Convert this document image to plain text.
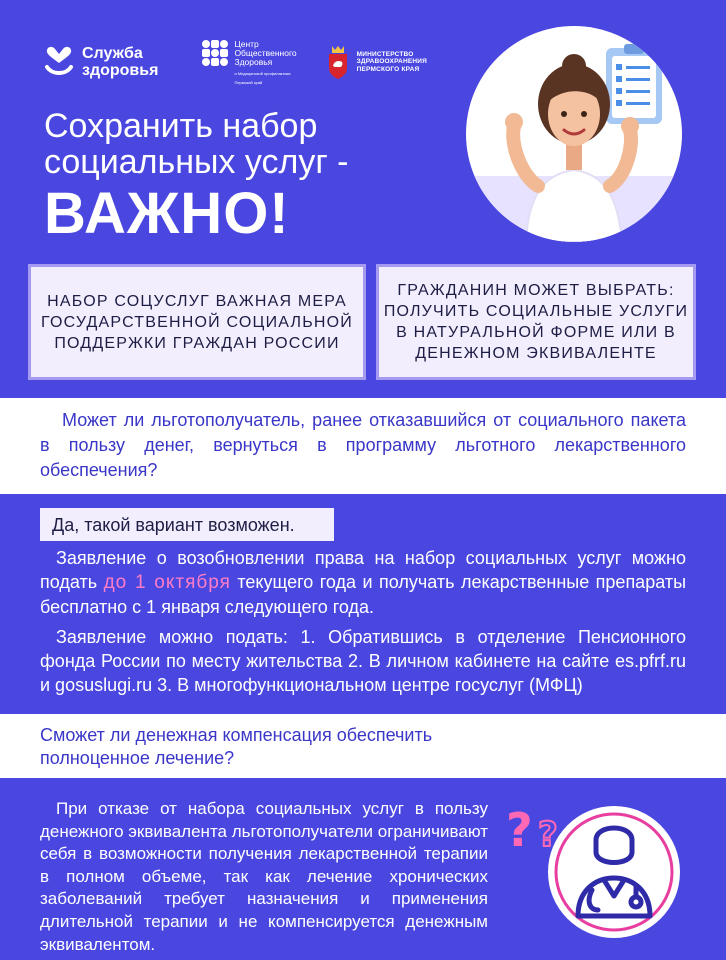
Служба
здоровья
Центр
Общественного
Здоровья
и Медицинской профилактики
Пермский край
МИНИСТЕРСТВО
ЗДРАВООХРАНЕНИЯ
ПЕРМСКОГО КРАЯ
Сохранить набор
социальных услуг -
ВАЖНО!
НАБОР СОЦУСЛУГ ВАЖНАЯ МЕРА ГОСУДАРСТВЕННОЙ СОЦИАЛЬНОЙ ПОДДЕРЖКИ ГРАЖДАН РОССИИ
ГРАЖДАНИН МОЖЕТ ВЫБРАТЬ: ПОЛУЧИТЬ СОЦИАЛЬНЫЕ УСЛУГИ В НАТУРАЛЬНОЙ ФОРМЕ ИЛИ В ДЕНЕЖНОМ ЭКВИВАЛЕНТЕ

Может ли льготополучатель, ранее отказавшийся от социального пакета в пользу денег, вернуться в программу льготного лекарственного обеспечения?

Да, такой вариант возможен.

Заявление о возобновлении права на набор социальных услуг можно подать до 1 октября текущего года и получать лекарственные препараты бесплатно с 1 января следующего года.

Заявление можно подать: 1. Обратившись в отделение Пенсионного фонда России по месту жительства 2. В личном кабинете на сайте es.pfrf.ru и gosuslugi.ru 3. В многофункциональном центре госуслуг (МФЦ)

Сможет ли денежная компенсация обеспечить полноценное лечение?

При отказе от набора социальных услуг в пользу денежного эквивалента льготополучатели ограничивают себя в возможности получения лекарственной терапии в полном объеме, так как лечение хронических заболеваний требует назначения и применения длительной терапии и не компенсируется денежным эквивалентом.

? ?
